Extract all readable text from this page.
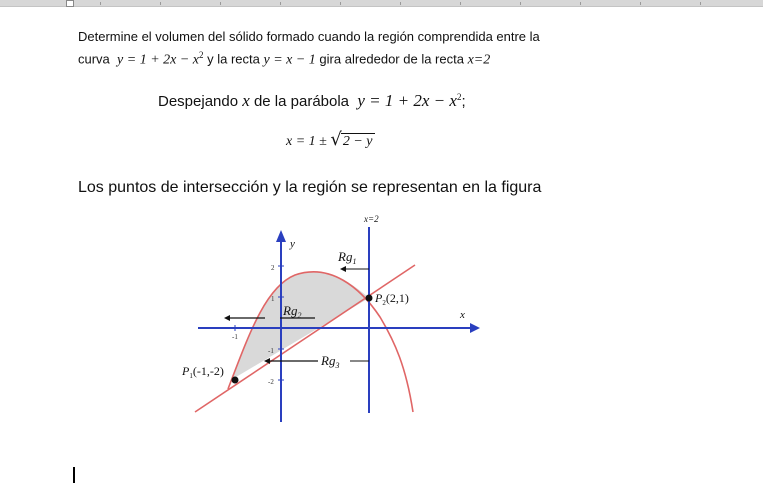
Determine el volumen del sólido formado cuando la región comprendida entre la
curva $y = 1 + 2x - x^2$ y la recta y = x − 1 gira alrededor de la recta x=2
Despejando x de la parábola  $y = 1 + 2x - x^2$;
x = 1 ± √2 − y
Los puntos de intersección y la región se representan en la figura
2
1
-1
-2
-1
x=2
y
x
$Rg_1$
$Rg_2$
$Rg_3$
$P_1(-1,-2)$
$P_2(2,1)$
